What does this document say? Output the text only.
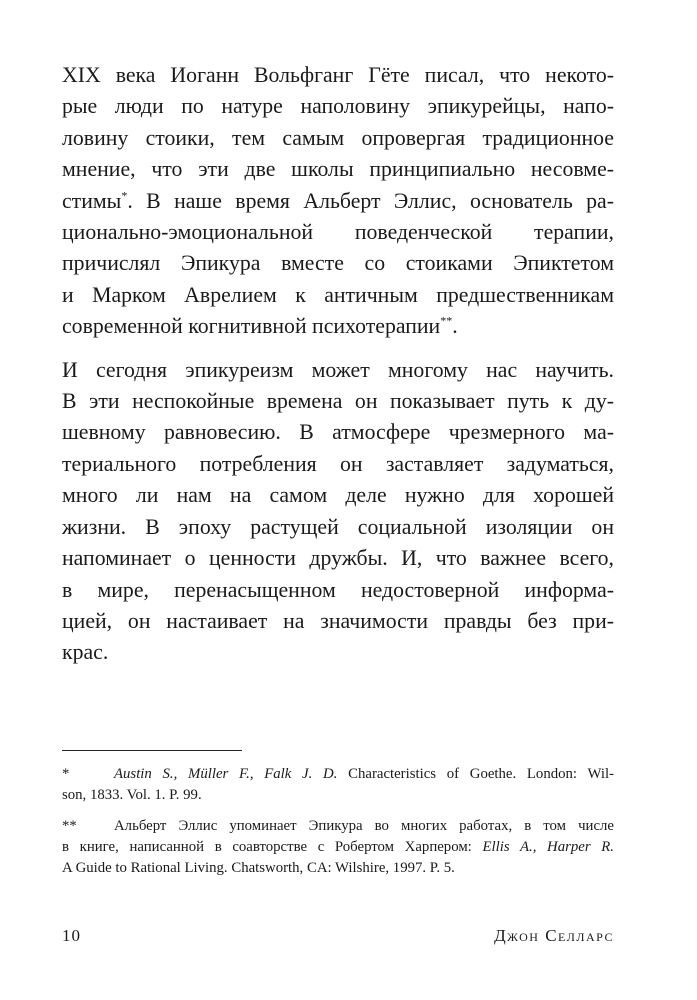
XIX века Иоганн Вольфганг Гёте писал, что некото-
рые люди по натуре наполовину эпикурейцы, напо-
ловину стоики, тем самым опровергая традиционное
мнение, что эти две школы принципиально несовме-
стимы*. В наше время Альберт Эллис, основатель ра-
ционально-эмоциональной поведенческой терапии,
причислял Эпикура вместе со стоиками Эпиктетом
и Марком Аврелием к античным предшественникам
современной когнитивной психотерапии**.

И сегодня эпикуреизм может многому нас научить.
В эти неспокойные времена он показывает путь к ду-
шевному равновесию. В атмосфере чрезмерного ма-
териального потребления он заставляет задуматься,
много ли нам на самом деле нужно для хорошей
жизни. В эпоху растущей социальной изоляции он
напоминает о ценности дружбы. И, что важнее всего,
в мире, перенасыщенном недостоверной информа-
цией, он настаивает на значимости правды без при-
крас.

*	Austin S., Müller F., Falk J. D. Characteristics of Goethe. London: Wil-
son, 1833. Vol. 1. P. 99.
**	Альберт Эллис упоминает Эпикура во многих работах, в том числе
в книге, написанной в соавторстве с Робертом Харпером: Ellis A., Harper R.
A Guide to Rational Living. Chatsworth, CA: Wilshire, 1997. P. 5.
10	Джон Селларс
